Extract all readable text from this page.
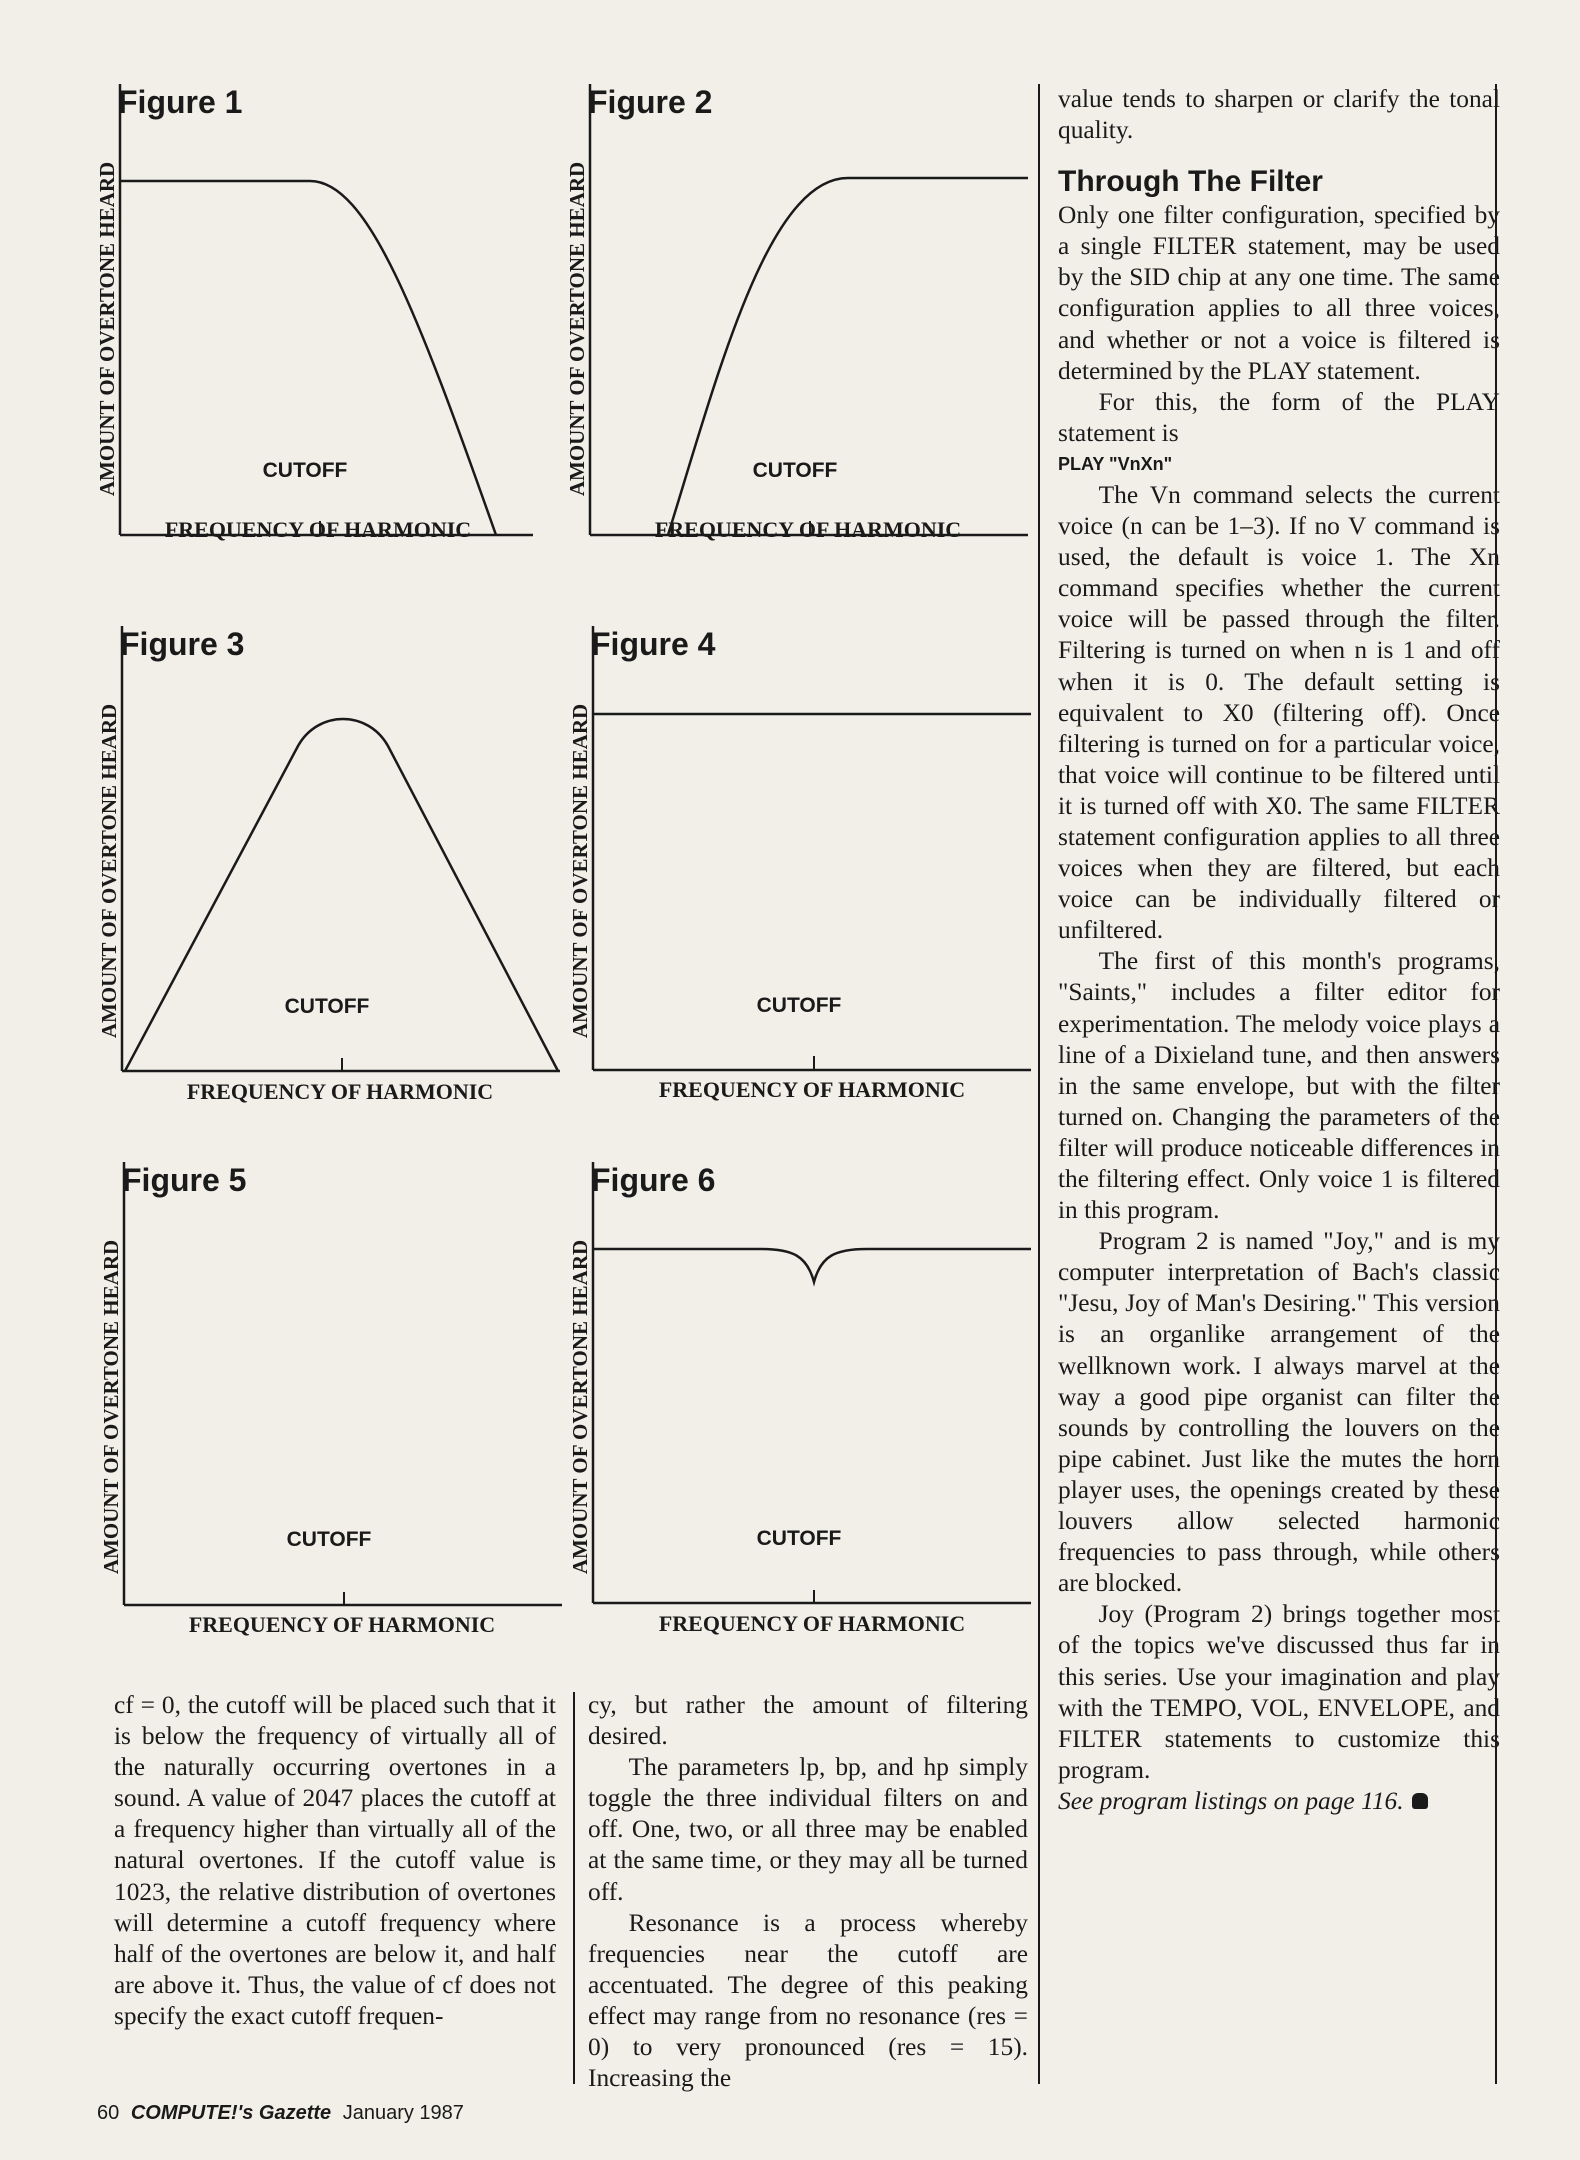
Figure 1
AMOUNT OF OVERTONE HEARD	CUTOFF
FREQUENCY OF HARMONIC
Figure 2
AMOUNT OF OVERTONE HEARD	CUTOFF
FREQUENCY OF HARMONIC
Figure 3
AMOUNT OF OVERTONE HEARD	CUTOFF
FREQUENCY OF HARMONIC
Figure 4
AMOUNT OF OVERTONE HEARD	CUTOFF
FREQUENCY OF HARMONIC
Figure 5
AMOUNT OF OVERTONE HEARD	CUTOFF
FREQUENCY OF HARMONIC
Figure 6
AMOUNT OF OVERTONE HEARD	CUTOFF
FREQUENCY OF HARMONIC

cf = 0, the cutoff will be placed such that it is below the frequency of virtually all of the naturally occurring overtones in a sound. A value of 2047 places the cutoff at a frequency higher than virtually all of the natural overtones. If the cutoff value is 1023, the relative distribution of overtones will determine a cutoff frequency where half of the overtones are below it, and half are above it. Thus, the value of cf does not specify the exact cutoff frequen-

cy, but rather the amount of filtering desired.

The parameters lp, bp, and hp simply toggle the three individual filters on and off. One, two, or all three may be enabled at the same time, or they may all be turned off.

Resonance is a process whereby frequencies near the cutoff are accentuated. The degree of this peaking effect may range from no resonance (res = 0) to very pronounced (res = 15). Increasing the

value tends to sharpen or clarify the tonal quality.

Through The Filter

Only one filter configuration, specified by a single FILTER statement, may be used by the SID chip at any one time. The same configuration applies to all three voices, and whether or not a voice is filtered is determined by the PLAY statement.

For this, the form of the PLAY statement is

PLAY "VnXn"

The Vn command selects the current voice (n can be 1–3). If no V command is used, the default is voice 1. The Xn command specifies whether the current voice will be passed through the filter. Filtering is turned on when n is 1 and off when it is 0. The default setting is equivalent to X0 (filtering off). Once filtering is turned on for a particular voice, that voice will continue to be filtered until it is turned off with X0. The same FILTER statement configuration applies to all three voices when they are filtered, but each voice can be individually filtered or unfiltered.

The first of this month's programs, "Saints," includes a filter editor for experimentation. The melody voice plays a line of a Dixieland tune, and then answers in the same envelope, but with the filter turned on. Changing the parameters of the filter will produce noticeable differences in the filtering effect. Only voice 1 is filtered in this program.

Program 2 is named "Joy," and is my computer interpretation of Bach's classic "Jesu, Joy of Man's Desiring." This version is an organlike arrangement of the wellknown work. I always marvel at the way a good pipe organist can filter the sounds by controlling the louvers on the pipe cabinet. Just like the mutes the horn player uses, the openings created by these louvers allow selected harmonic frequencies to pass through, while others are blocked.

Joy (Program 2) brings together most of the topics we've discussed thus far in this series. Use your imagination and play with the TEMPO, VOL, ENVELOPE, and FILTER statements to customize this program.

See program listings on page 116.

60 COMPUTE!'s Gazette January 1987
